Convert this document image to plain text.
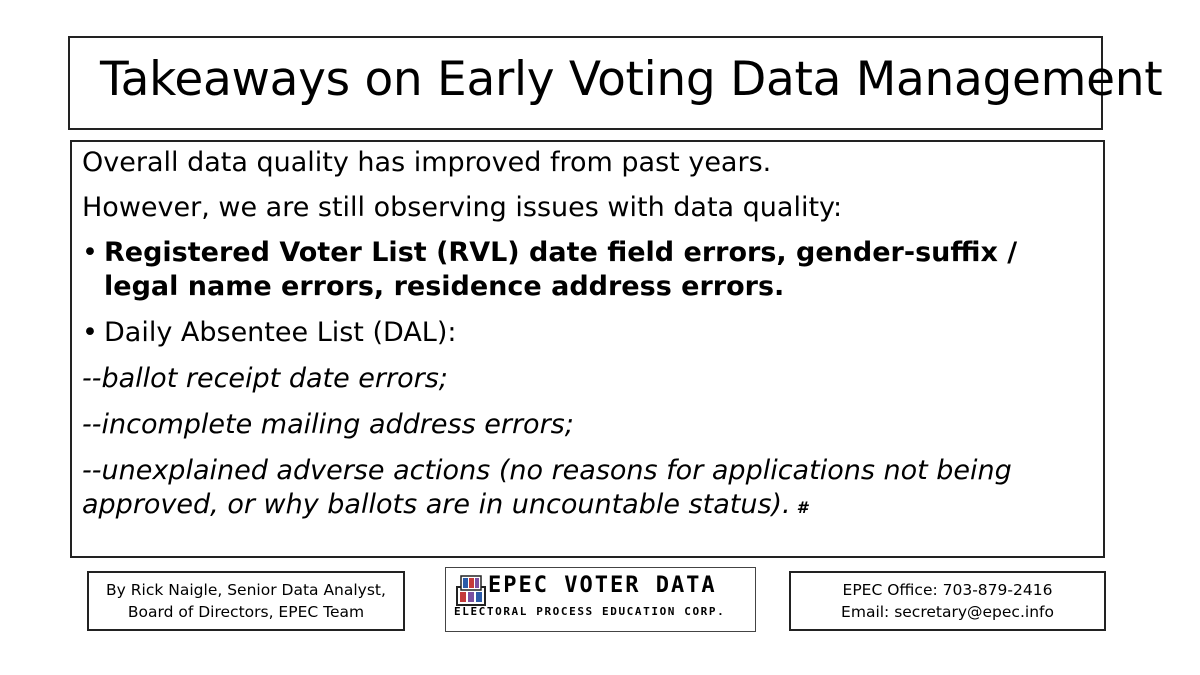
Takeaways on Early Voting Data Management
Overall data quality has improved from past years.
However, we are still observing issues with data quality:
• Registered Voter List (RVL) date field errors, gender-suffix / legal name errors, residence address errors.
• Daily Absentee List (DAL):
--ballot receipt date errors;
--incomplete mailing address errors;
--unexplained adverse actions (no reasons for applications not being
approved, or why ballots are in uncountable status). #
By Rick Naigle, Senior Data Analyst,
Board of Directors, EPEC Team
EPEC VOTER DATA
ELECTORAL PROCESS EDUCATION CORP.
EPEC Office: 703-879-2416
Email: secretary@epec.info
